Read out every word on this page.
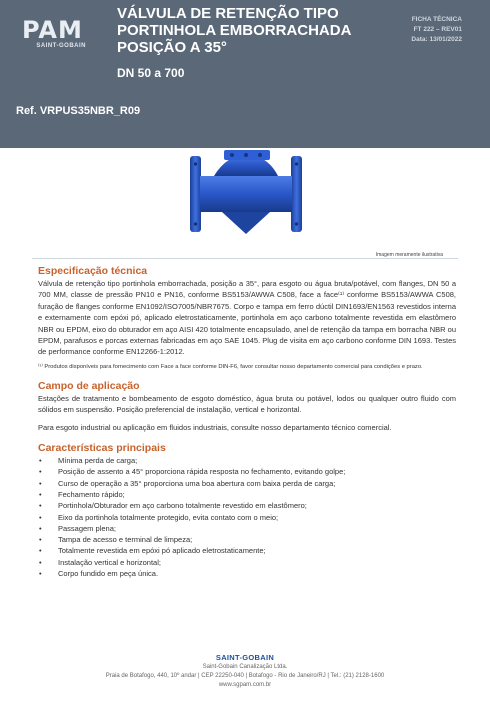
PAM
SAINT-GOBAIN
VÁLVULA DE RETENÇÃO TIPO
PORTINHOLA EMBORRACHADA
POSIÇÃO A 35°
DN 50 a 700
FICHA TÉCNICA
FT 222 – REV01
Data: 13/01/2022
Ref. VRPUS35NBR_R09
Imagem meramente ilustrativa

Especificação técnica

Válvula de retenção tipo portinhola emborrachada, posição a 35°, para esgoto ou água bruta/potável, com flanges, DN 50 a 700 MM, classe de pressão PN10 e PN16, conforme BS5153/AWWA C508, face a face⁽¹⁾ conforme BS5153/AWWA C508, furação de flanges conforme EN1092/ISO7005/NBR7675. Corpo e tampa em ferro dúctil DIN1693/EN1563 revestidos interna e externamente com epóxi pó, aplicado eletrostaticamente, portinhola em aço carbono totalmente revestida em elastômero NBR ou EPDM, eixo do obturador em aço AISI 420 totalmente encapsulado, anel de retenção da tampa em borracha NBR ou EPDM, parafusos e porcas externas fabricadas em aço SAE 1045. Plug de visita em aço carbono conforme DIN 1693. Testes de performance conforme EN12266-1:2012.

⁽¹⁾ Produtos disponíveis para fornecimento com Face a face conforme DIN-F6, favor consultar nosso departamento comercial para condições e prazo.

Campo de aplicação

Estações de tratamento e bombeamento de esgoto doméstico, água bruta ou potável, lodos ou qualquer outro fluido com sólidos em suspensão. Posição preferencial de instalação, vertical e horizontal.

Para esgoto industrial ou aplicação em fluidos industriais, consulte nosso departamento técnico comercial.

Características principais

• Mínima perda de carga;
• Posição de assento a 45° proporciona rápida resposta no fechamento, evitando golpe;
• Curso de operação a 35° proporciona uma boa abertura com baixa perda de carga;
• Fechamento rápido;
• Portinhola/Obturador em aço carbono totalmente revestido em elastômero;
• Eixo da portinhola totalmente protegido, evita contato com o meio;
• Passagem plena;
• Tampa de acesso e terminal de limpeza;
• Totalmente revestida em epóxi pó aplicado eletrostaticamente;
• Instalação vertical e horizontal;
• Corpo fundido em peça única.
SAINT-GOBAIN
Saint-Gobain Canalização Ltda.
Praia de Botafogo, 440, 10º andar | CEP 22250-040 | Botafogo - Rio de Janeiro/RJ | Tel.: (21) 2128-1600
www.sgpam.com.br
